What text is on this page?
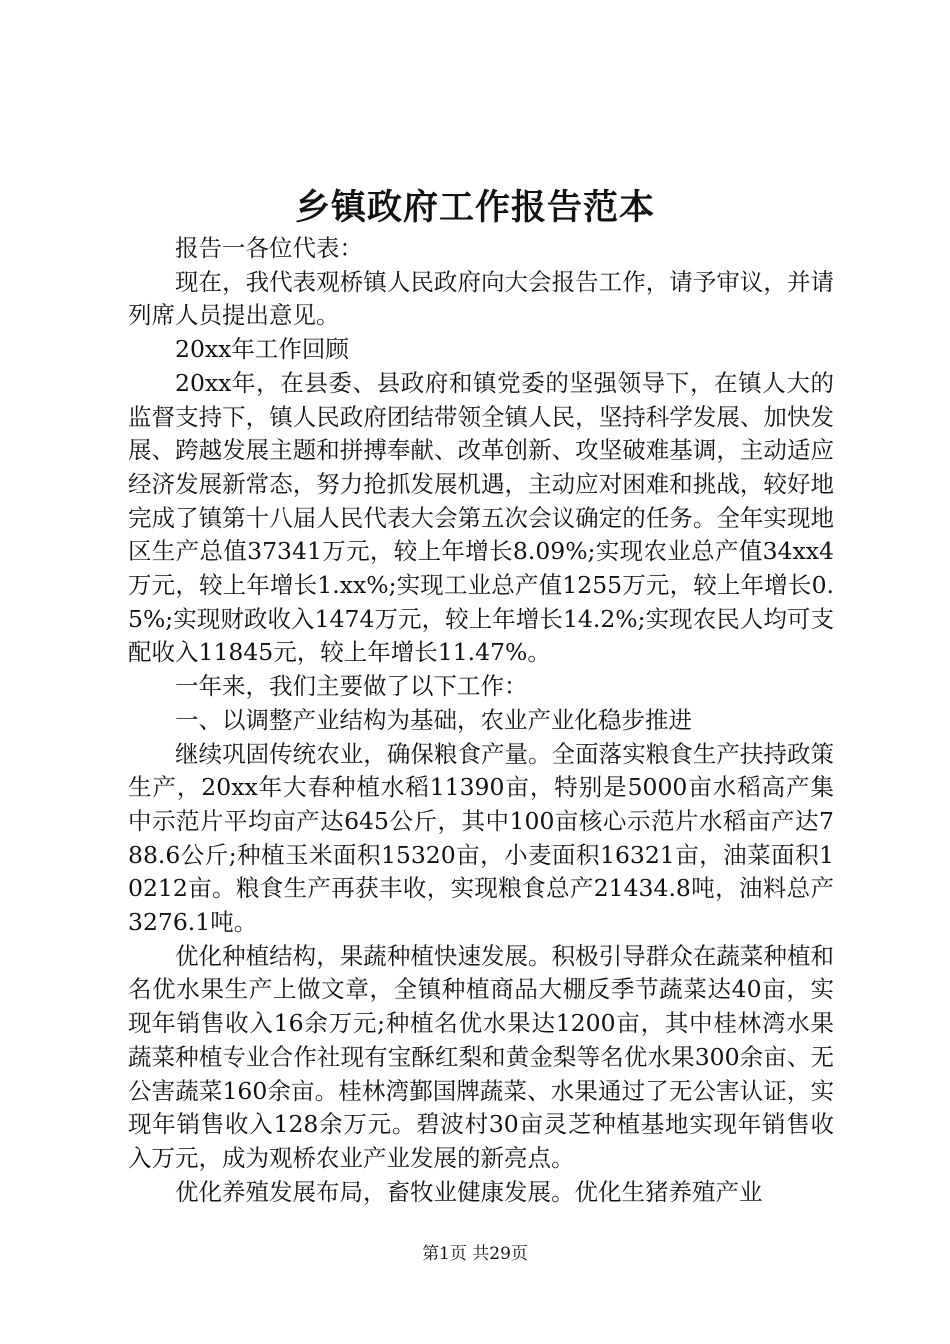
乡镇政府工作报告范本

报告一各位代表：

现在，我代表观桥镇人民政府向大会报告工作，请予审议，并请列席人员提出意见。

20xx年工作回顾

20xx年，在县委、县政府和镇党委的坚强领导下，在镇人大的监督支持下，镇人民政府团结带领全镇人民，坚持科学发展、加快发展、跨越发展主题和拼搏奉献、改革创新、攻坚破难基调，主动适应经济发展新常态，努力抢抓发展机遇，主动应对困难和挑战，较好地完成了镇第十八届人民代表大会第五次会议确定的任务。全年实现地区生产总值37341万元，较上年增长8.09%;实现农业总产值34xx4万元，较上年增长1.xx%;实现工业总产值1255万元，较上年增长0.5%;实现财政收入1474万元，较上年增长14.2%;实现农民人均可支配收入11845元，较上年增长11.47%。

一年来，我们主要做了以下工作：

一、以调整产业结构为基础，农业产业化稳步推进

继续巩固传统农业，确保粮食产量。全面落实粮食生产扶持政策生产，20xx年大春种植水稻11390亩，特别是5000亩水稻高产集中示范片平均亩产达645公斤，其中100亩核心示范片水稻亩产达788.6公斤;种植玉米面积15320亩，小麦面积16321亩，油菜面积10212亩。粮食生产再获丰收，实现粮食总产21434.8吨，油料总产3276.1吨。

优化种植结构，果蔬种植快速发展。积极引导群众在蔬菜种植和名优水果生产上做文章，全镇种植商品大棚反季节蔬菜达40亩，实现年销售收入16余万元;种植名优水果达1200亩，其中桂林湾水果蔬菜种植专业合作社现有宝酥红梨和黄金梨等名优水果300余亩、无公害蔬菜160余亩。桂林湾鄞国牌蔬菜、水果通过了无公害认证，实现年销售收入128余万元。碧波村30亩灵芝种植基地实现年销售收入万元，成为观桥农业产业发展的新亮点。

优化养殖发展布局，畜牧业健康发展。优化生猪养殖产业

第1页 共29页
